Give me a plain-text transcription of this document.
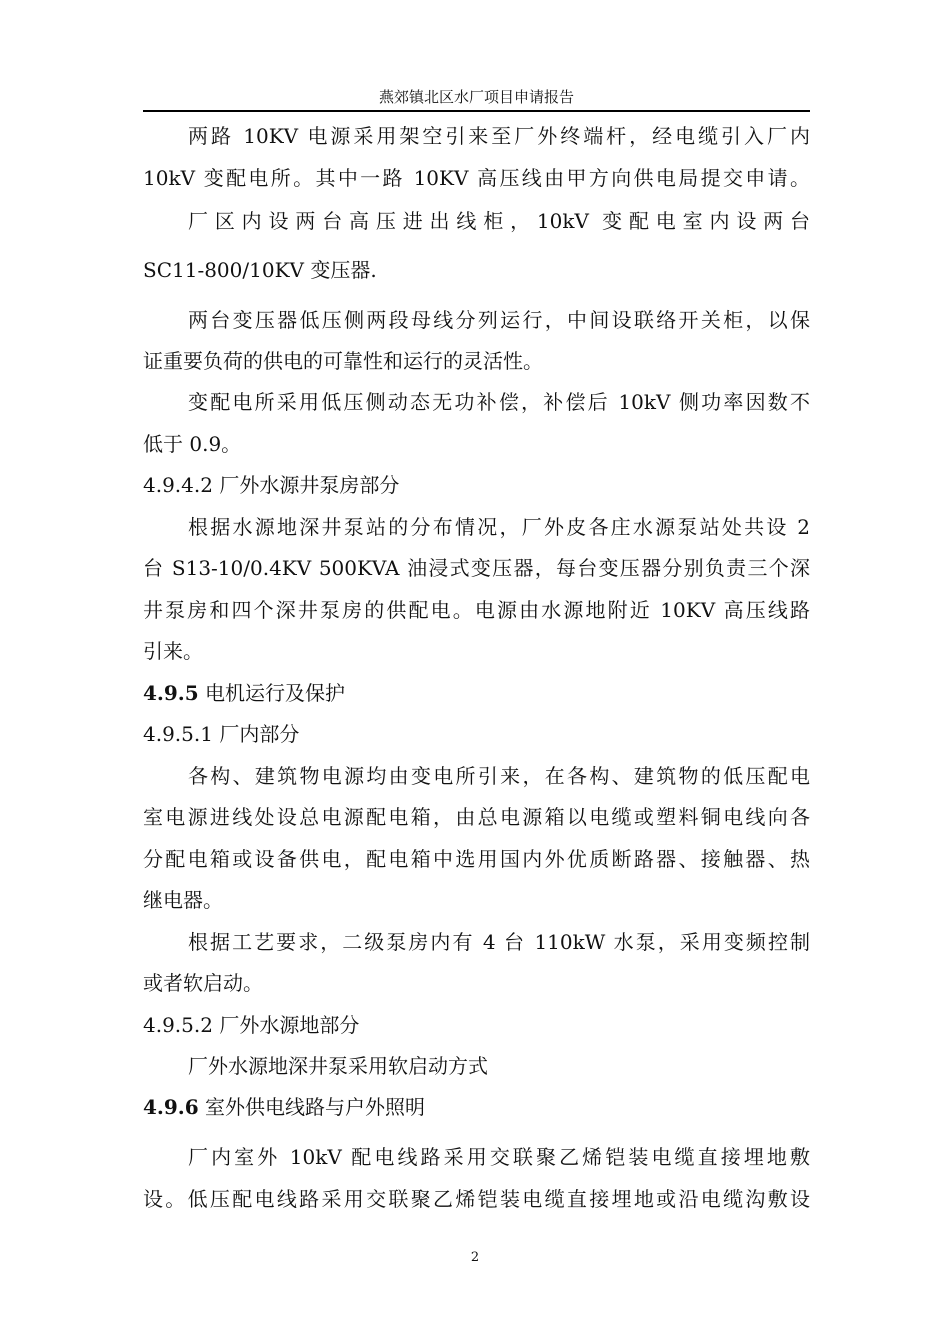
燕郊镇北区水厂项目申请报告
两路 10KV 电源采用架空引来至厂外终端杆，经电缆引入厂内
10kV 变配电所。其中一路 10KV 高压线由甲方向供电局提交申请。
厂区内设两台高压进出线柜，10kV 变配电室内设两台
SC11-800/10KV 变压器.
两台变压器低压侧两段母线分列运行，中间设联络开关柜，以保
证重要负荷的供电的可靠性和运行的灵活性。
变配电所采用低压侧动态无功补偿，补偿后 10kV 侧功率因数不
低于 0.9。
4.9.4.2 厂外水源井泵房部分
根据水源地深井泵站的分布情况，厂外皮各庄水源泵站处共设 2
台 S13-10/0.4KV 500KVA 油浸式变压器，每台变压器分别负责三个深
井泵房和四个深井泵房的供配电。电源由水源地附近 10KV 高压线路
引来。
4.9.5 电机运行及保护
4.9.5.1 厂内部分
各构、建筑物电源均由变电所引来，在各构、建筑物的低压配电
室电源进线处设总电源配电箱，由总电源箱以电缆或塑料铜电线向各
分配电箱或设备供电，配电箱中选用国内外优质断路器、接触器、热
继电器。
根据工艺要求，二级泵房内有 4 台 110kW 水泵，采用变频控制
或者软启动。
4.9.5.2 厂外水源地部分
厂外水源地深井泵采用软启动方式
4.9.6 室外供电线路与户外照明
厂内室外 10kV 配电线路采用交联聚乙烯铠装电缆直接埋地敷
设。低压配电线路采用交联聚乙烯铠装电缆直接埋地或沿电缆沟敷设
2
